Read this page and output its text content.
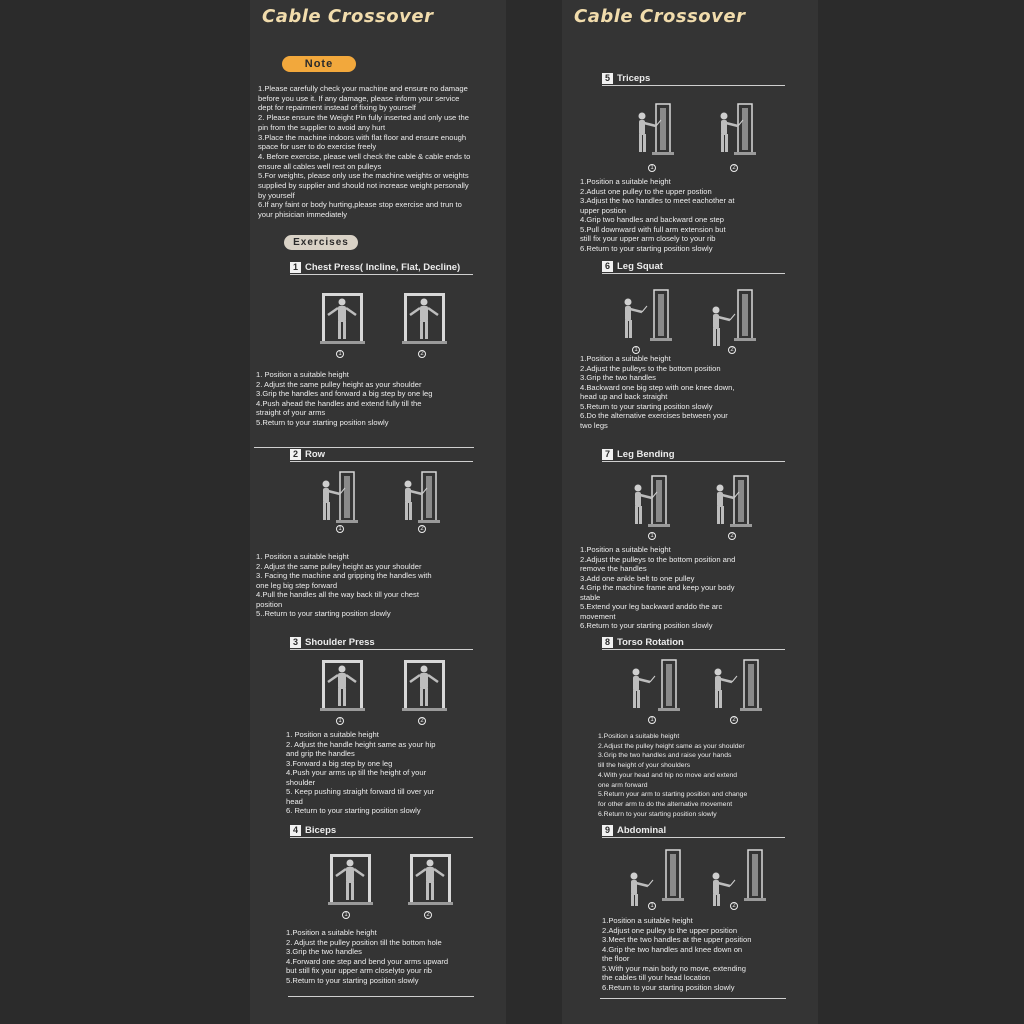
Cable Crossover	Cable Crossover
Note
1.Please carefully check your machine and ensure no damage before you use it. If any damage, please inform your service dept for repairment instead of fixing by yourself
2. Please ensure the Weight Pin fully inserted and only use the pin from the supplier to avoid any hurt
3.Place the machine indoors with flat floor and ensure enough space for user to do exercise freely
4. Before exercise, please well check the cable & cable ends to ensure all cables well rest on pulleys
5.For weights, please only use the machine weights or weights supplied by supplier and should not increase weight personally by yourself
6.If any faint or body hurting,please stop exercise and trun to your phisician immediately
Exercises
1 Chest Press( Incline, Flat, Decline)
1	2
1. Position a suitable height
2. Adjust the same pulley height as your shoulder
3.Grip the handles and forward a big step by one leg
4.Push ahead the handles and extend fully till the
straight of your arms
5.Return to your starting position slowly
2 Row
1	2
1. Position a suitable height
2. Adjust the same pulley height as your shoulder
3. Facing the machine and gripping the handles with
one leg big step forward
4.Pull the handles all the way back till your chest
position
5..Return to your starting position slowly
3 Shoulder Press
1	2
1. Position a suitable height
2. Adjust the handle height same as your hip
and grip the handles
3.Forward a big step by one leg
4.Push your arms up till the height of your
shoulder
5. Keep pushing straight forward till over yur
head
6. Return to your starting position slowly
4 Biceps
1	2
1.Position a suitable height
2. Adjust the pulley position till the bottom hole
3.Grip the two handles
4.Forward one step and bend your arms upward
but still fix your upper arm closelyto your rib
5.Return to your starting position slowly
5 Triceps
1	2
1.Position a suitable height
2.Adust one pulley to the upper postion
3.Adjust the two handles to meet eachother at
upper postion
4.Grip two handles and backward one step
5.Pull downward with full arm extension but
still fix your upper arm closely to your rib
6.Return to your starting position slowly
6 Leg Squat
1	2
1.Position a suitable height
2.Adjust the pulleys to the bottom position
3.Grip the two handles
4.Backward one big step with one knee down,
head up and back straight
5.Return to your starting position slowly
6.Do the alternative exercises between your
two legs
7 Leg Bending
1	2
1.Position a suitable height
2.Adjust the pulleys to the bottom position and
remove the handles
3.Add one ankle belt to one pulley
4.Grip the machine frame and keep your body
stable
5.Extend your leg backward anddo the arc
movement
6.Return to your starting position slowly
8 Torso Rotation
1	2
1.Position a suitable height
2.Adjust the pulley height same as your shoulder
3.Grip the two handles and raise your hands
till the height of your shoulders
4.With your head and hip no move and extend
one arm forward
5.Return your arm to starting position and change
for other arm to do the alternative movement
6.Return to your starting position slowly
9 Abdominal
1	2
1.Position a suitable height
2.Adjust one pulley to the upper position
3.Meet the two handles at the upper position
4.Grip the two handles and knee down on
the floor
5.With your main body no move, extending
the cables till your head location
6.Return to your starting position slowly
